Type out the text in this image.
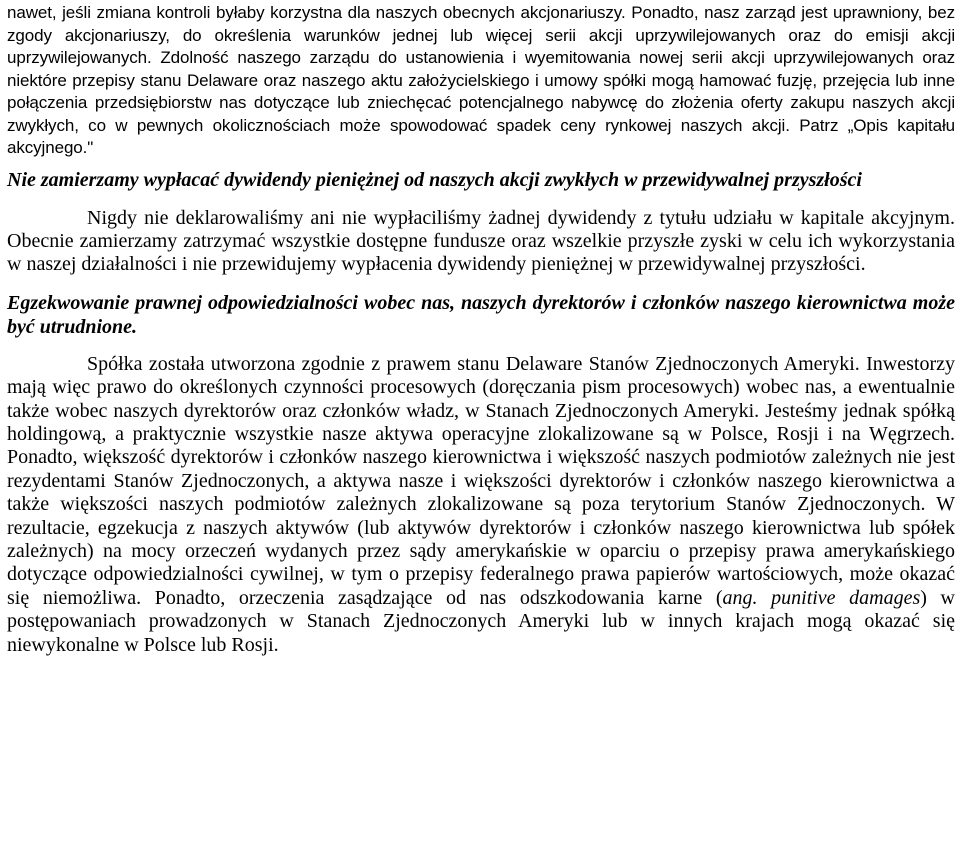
nawet, jeśli zmiana kontroli byłaby korzystna dla naszych obecnych akcjonariuszy. Ponadto, nasz zarząd jest uprawniony, bez zgody akcjonariuszy, do określenia warunków jednej lub więcej serii akcji uprzywilejowanych oraz do emisji akcji uprzywilejowanych. Zdolność naszego zarządu do ustanowienia i wyemitowania nowej serii akcji uprzywilejowanych oraz niektóre przepisy stanu Delaware oraz naszego aktu założycielskiego i umowy spółki mogą hamować fuzję, przejęcia lub inne połączenia przedsiębiorstw nas dotyczące lub zniechęcać potencjalnego nabywcę do złożenia oferty zakupu naszych akcji zwykłych, co w pewnych okolicznościach może spowodować spadek ceny rynkowej naszych akcji. Patrz „Opis kapitału akcyjnego."

Nie zamierzamy wypłacać dywidendy pieniężnej od naszych akcji zwykłych w przewidywalnej przyszłości

Nigdy nie deklarowaliśmy ani nie wypłaciliśmy żadnej dywidendy z tytułu udziału w kapitale akcyjnym. Obecnie zamierzamy zatrzymać wszystkie dostępne fundusze oraz wszelkie przyszłe zyski w celu ich wykorzystania w naszej działalności i nie przewidujemy wypłacenia dywidendy pieniężnej w przewidywalnej przyszłości.

Egzekwowanie prawnej odpowiedzialności wobec nas, naszych dyrektorów i członków naszego kierownictwa może być utrudnione.

Spółka została utworzona zgodnie z prawem stanu Delaware Stanów Zjednoczonych Ameryki. Inwestorzy mają więc prawo do określonych czynności procesowych (doręczania pism procesowych) wobec nas, a ewentualnie także wobec naszych dyrektorów oraz członków władz, w Stanach Zjednoczonych Ameryki. Jesteśmy jednak spółką holdingową, a praktycznie wszystkie nasze aktywa operacyjne zlokalizowane są w Polsce, Rosji i na Węgrzech. Ponadto, większość dyrektorów i członków naszego kierownictwa i większość naszych podmiotów zależnych nie jest rezydentami Stanów Zjednoczonych, a aktywa nasze i większości dyrektorów i członków naszego kierownictwa a także większości naszych podmiotów zależnych zlokalizowane są poza terytorium Stanów Zjednoczonych. W rezultacie, egzekucja z naszych aktywów (lub aktywów dyrektorów i członków naszego kierownictwa lub spółek zależnych) na mocy orzeczeń wydanych przez sądy amerykańskie w oparciu o przepisy prawa amerykańskiego dotyczące odpowiedzialności cywilnej, w tym o przepisy federalnego prawa papierów wartościowych, może okazać się niemożliwa. Ponadto, orzeczenia zasądzające od nas odszkodowania karne (ang. punitive damages) w postępowaniach prowadzonych w Stanach Zjednoczonych Ameryki lub w innych krajach mogą okazać się niewykonalne w Polsce lub Rosji.
